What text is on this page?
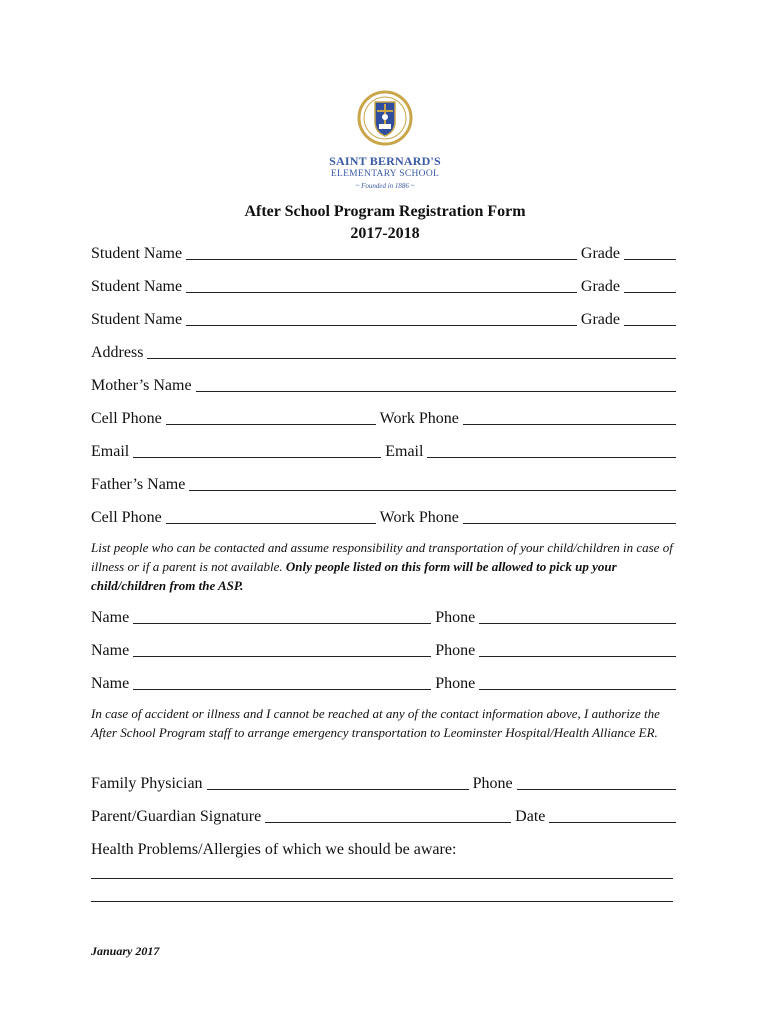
SAINT BERNARD'S
ELEMENTARY SCHOOL
~ Founded in 1886 ~
After School Program Registration Form
2017-2018
Student Name	Grade
Student Name	Grade
Student Name	Grade
Address
Mother’s Name
Cell Phone	Work Phone
Email	Email
Father’s Name
Cell Phone	Work Phone
List people who can be contacted and assume responsibility and transportation of your child/children in case of illness or if a parent is not available. Only people listed on this form will be allowed to pick up your child/children from the ASP.
Name	Phone
Name	Phone
Name	Phone
In case of accident or illness and I cannot be reached at any of the contact information above, I authorize the After School Program staff to arrange emergency transportation to Leominster Hospital/Health Alliance ER.
Family Physician	Phone
Parent/Guardian Signature	Date
Health Problems/Allergies of which we should be aware:
January 2017
